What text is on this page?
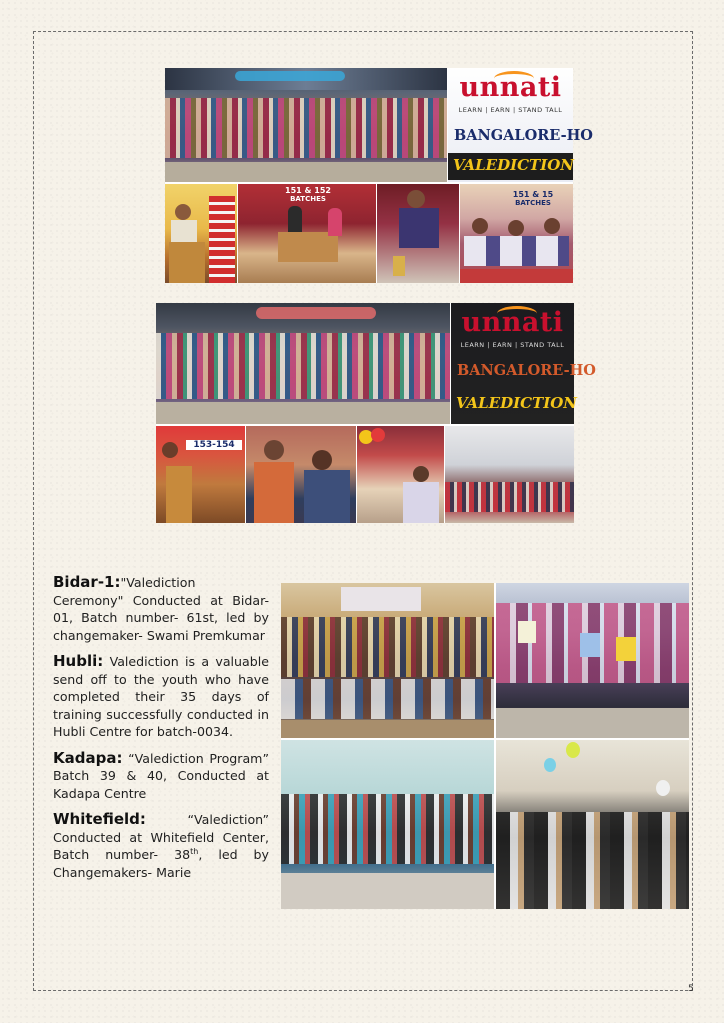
unnati
LEARN | EARN | STAND TALL
BANGALORE-HO
VALEDICTION
151 & 152
BATCHES	151 & 15
BATCHES
unnati
LEARN | EARN | STAND TALL
BANGALORE-HO
VALEDICTION
153-154

Bidar-1:"Valediction Ceremony" Conducted at Bidar-01, Batch number- 61st, led by changemaker- Swami Premkumar

Hubli: Valediction is a valuable send off to the youth who have completed their 35 days of training successfully conducted in Hubli Centre for batch-0034.

Kadapa: “Valediction Program” Batch 39 & 40, Conducted at Kadapa Centre

Whitefield:	“Valediction” Conducted at Whitefield Center, Batch number- 38th, led by Changemakers- Marie

5
